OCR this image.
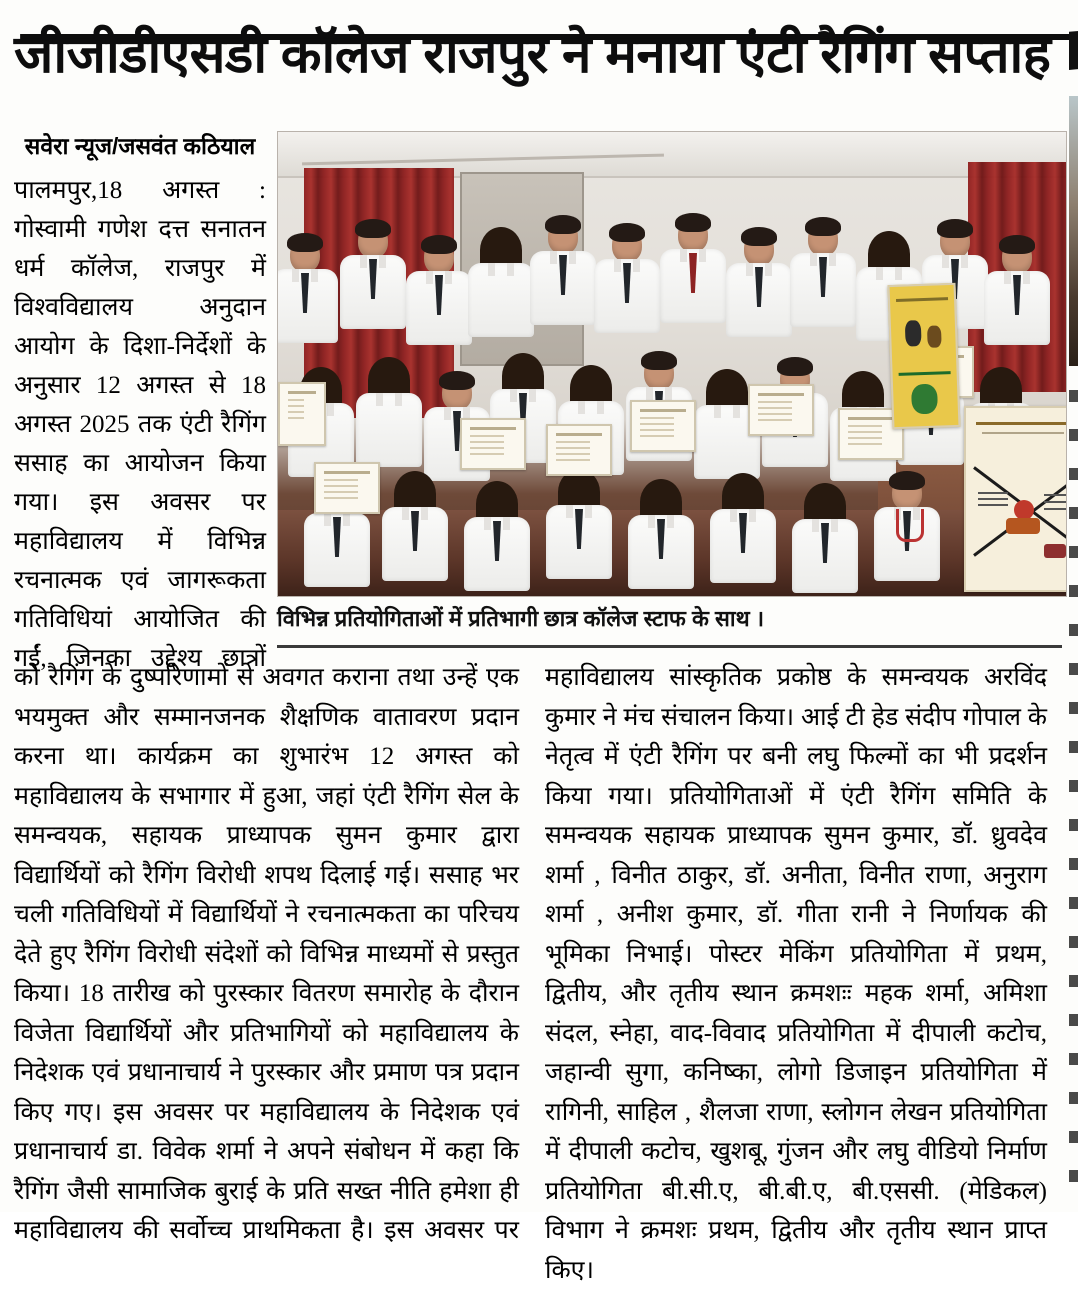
जीजीडीएसडी कॉलेज राजपुर ने मनाया एंटी रैगिंग सप्ताह
सवेरा न्यूज/जसवंत कठियाल
पालमपुर,18 अगस्त : गोस्वामी गणेश दत्त सनातन धर्म कॉलेज, राजपुर में विश्वविद्यालय अनुदान आयोग के दिशा-निर्देशों के अनुसार 12 अगस्त से 18 अगस्त 2025 तक एंटी रैगिंग ससाह का आयोजन किया गया। इस अवसर पर महाविद्यालय में विभिन्न रचनात्मक एवं जागरूकता गतिविधियां आयोजित की गईं, जिनका उद्देश्य छात्रों
विभिन्न प्रतियोगिताओं में प्रतिभागी छात्र कॉलेज स्टाफ के साथ ।
को रैगिंग के दुष्परिणामों से अवगत कराना तथा उन्हें एक भयमुक्त और सम्मानजनक शैक्षणिक वातावरण प्रदान करना था। कार्यक्रम का शुभारंभ 12 अगस्त को महाविद्यालय के सभागार में हुआ, जहां एंटी रैगिंग सेल के समन्वयक, सहायक प्राध्यापक सुमन कुमार द्वारा विद्यार्थियों को रैगिंग विरोधी शपथ दिलाई गई। ससाह भर चली गतिविधियों में विद्यार्थियों ने रचनात्मकता का परिचय देते हुए रैगिंग विरोधी संदेशों को विभिन्न माध्यमों से प्रस्तुत किया। 18 तारीख को पुरस्कार वितरण समारोह के दौरान विजेता विद्यार्थियों और प्रतिभागियों को महाविद्यालय के निदेशक एवं प्रधानाचार्य ने पुरस्कार और प्रमाण पत्र प्रदान किए गए। इस अवसर पर महाविद्यालय के निदेशक एवं प्रधानाचार्य डा. विवेक शर्मा ने अपने संबोधन में कहा कि रैगिंग जैसी सामाजिक बुराई के प्रति सख्त नीति हमेशा ही महाविद्यालय की सर्वोच्च प्राथमिकता है। इस अवसर पर
महाविद्यालय सांस्कृतिक प्रकोष्ठ के समन्वयक अरविंद कुमार ने मंच संचालन किया। आई टी हेड संदीप गोपाल के नेतृत्व में एंटी रैगिंग पर बनी लघु फिल्मों का भी प्रदर्शन किया गया। प्रतियोगिताओं में एंटी रैगिंग समिति के समन्वयक सहायक प्राध्यापक सुमन कुमार, डॉ. ध्रुवदेव शर्मा , विनीत ठाकुर, डॉ. अनीता, विनीत राणा, अनुराग शर्मा , अनीश कुमार, डॉ. गीता रानी ने निर्णायक की भूमिका निभाई। पोस्टर मेकिंग प्रतियोगिता में प्रथम, द्वितीय, और तृतीय स्थान क्रमशःः महक शर्मा, अमिशा संदल, स्नेहा, वाद-विवाद प्रतियोगिता में दीपाली कटोच, जहान्वी सुगा, कनिष्का, लोगो डिजाइन प्रतियोगिता में रागिनी, साहिल , शैलजा राणा, स्लोगन लेखन प्रतियोगिता में दीपाली कटोच, खुशबू, गुंजन और लघु वीडियो निर्माण प्रतियोगिता बी.सी.ए, बी.बी.ए, बी.एससी. (मेडिकल) विभाग ने क्रमशः प्रथम, द्वितीय और तृतीय स्थान प्राप्त किए।
